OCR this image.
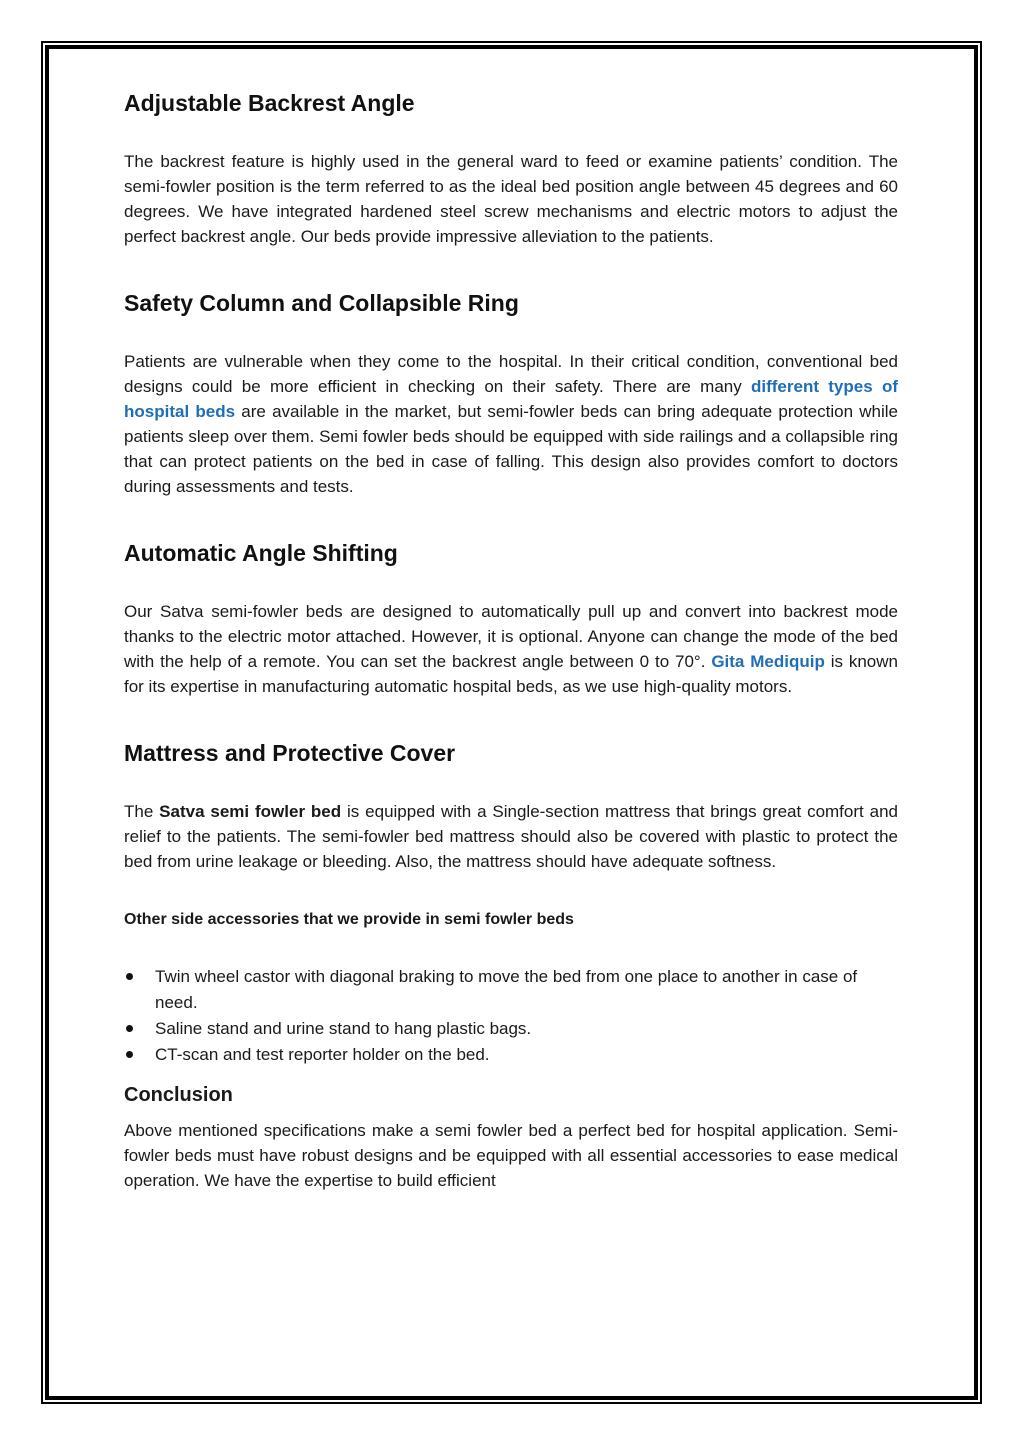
Adjustable Backrest Angle

The backrest feature is highly used in the general ward to feed or examine patients’ condition. The semi-fowler position is the term referred to as the ideal bed position angle between 45 degrees and 60 degrees. We have integrated hardened steel screw mechanisms and electric motors to adjust the perfect backrest angle. Our beds provide impressive alleviation to the patients.

Safety Column and Collapsible Ring

Patients are vulnerable when they come to the hospital. In their critical condition, conventional bed designs could be more efficient in checking on their safety. There are many different types of hospital beds are available in the market, but semi-fowler beds can bring adequate protection while patients sleep over them. Semi fowler beds should be equipped with side railings and a collapsible ring that can protect patients on the bed in case of falling. This design also provides comfort to doctors during assessments and tests.

Automatic Angle Shifting

Our Satva semi-fowler beds are designed to automatically pull up and convert into backrest mode thanks to the electric motor attached. However, it is optional. Anyone can change the mode of the bed with the help of a remote. You can set the backrest angle between 0 to 70°. Gita Mediquip is known for its expertise in manufacturing automatic hospital beds, as we use high-quality motors.

Mattress and Protective Cover

The Satva semi fowler bed is equipped with a Single-section mattress that brings great comfort and relief to the patients. The semi-fowler bed mattress should also be covered with plastic to protect the bed from urine leakage or bleeding. Also, the mattress should have adequate softness.

Other side accessories that we provide in semi fowler beds
Twin wheel castor with diagonal braking to move the bed from one place to another in case of need.
Saline stand and urine stand to hang plastic bags.
CT-scan and test reporter holder on the bed.
Conclusion

Above mentioned specifications make a semi fowler bed a perfect bed for hospital application. Semi-fowler beds must have robust designs and be equipped with all essential accessories to ease medical operation. We have the expertise to build efficient
